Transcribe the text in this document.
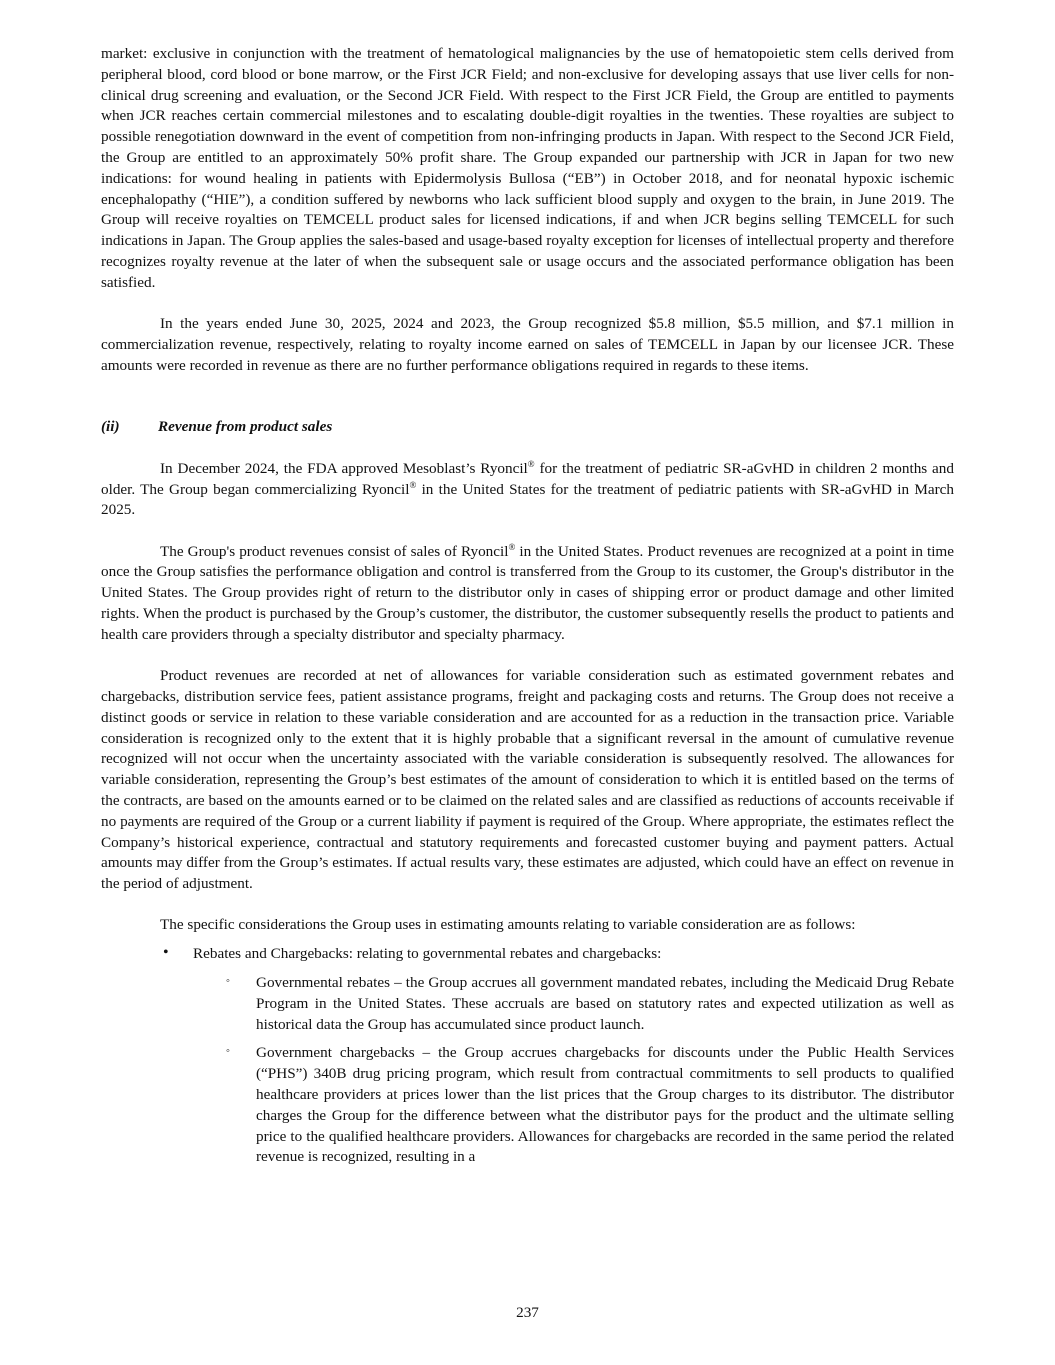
market: exclusive in conjunction with the treatment of hematological malignancies by the use of hematopoietic stem cells derived from peripheral blood, cord blood or bone marrow, or the First JCR Field; and non-exclusive for developing assays that use liver cells for non-clinical drug screening and evaluation, or the Second JCR Field. With respect to the First JCR Field, the Group are entitled to payments when JCR reaches certain commercial milestones and to escalating double-digit royalties in the twenties. These royalties are subject to possible renegotiation downward in the event of competition from non-infringing products in Japan. With respect to the Second JCR Field, the Group are entitled to an approximately 50% profit share. The Group expanded our partnership with JCR in Japan for two new indications: for wound healing in patients with Epidermolysis Bullosa (“EB”) in October 2018, and for neonatal hypoxic ischemic encephalopathy (“HIE”), a condition suffered by newborns who lack sufficient blood supply and oxygen to the brain, in June 2019. The Group will receive royalties on TEMCELL product sales for licensed indications, if and when JCR begins selling TEMCELL for such indications in Japan. The Group applies the sales-based and usage-based royalty exception for licenses of intellectual property and therefore recognizes royalty revenue at the later of when the subsequent sale or usage occurs and the associated performance obligation has been satisfied.

In the years ended June 30, 2025, 2024 and 2023, the Group recognized $5.8 million, $5.5 million, and $7.1 million in commercialization revenue, respectively, relating to royalty income earned on sales of TEMCELL in Japan by our licensee JCR. These amounts were recorded in revenue as there are no further performance obligations required in regards to these items.

(ii)	Revenue from product sales

In December 2024, the FDA approved Mesoblast’s Ryoncil® for the treatment of pediatric SR-aGvHD in children 2 months and older. The Group began commercializing Ryoncil® in the United States for the treatment of pediatric patients with SR-aGvHD in March 2025.

The Group's product revenues consist of sales of Ryoncil® in the United States. Product revenues are recognized at a point in time once the Group satisfies the performance obligation and control is transferred from the Group to its customer, the Group's distributor in the United States. The Group provides right of return to the distributor only in cases of shipping error or product damage and other limited rights. When the product is purchased by the Group’s customer, the distributor, the customer subsequently resells the product to patients and health care providers through a specialty distributor and specialty pharmacy.

Product revenues are recorded at net of allowances for variable consideration such as estimated government rebates and chargebacks, distribution service fees, patient assistance programs, freight and packaging costs and returns. The Group does not receive a distinct goods or service in relation to these variable consideration and are accounted for as a reduction in the transaction price. Variable consideration is recognized only to the extent that it is highly probable that a significant reversal in the amount of cumulative revenue recognized will not occur when the uncertainty associated with the variable consideration is subsequently resolved. The allowances for variable consideration, representing the Group’s best estimates of the amount of consideration to which it is entitled based on the terms of the contracts, are based on the amounts earned or to be claimed on the related sales and are classified as reductions of accounts receivable if no payments are required of the Group or a current liability if payment is required of the Group. Where appropriate, the estimates reflect the Company’s historical experience, contractual and statutory requirements and forecasted customer buying and payment patters. Actual amounts may differ from the Group’s estimates. If actual results vary, these estimates are adjusted, which could have an effect on revenue in the period of adjustment.

The specific considerations the Group uses in estimating amounts relating to variable consideration are as follows:

•	Rebates and Chargebacks: relating to governmental rebates and chargebacks:

◦	Governmental rebates – the Group accrues all government mandated rebates, including the Medicaid Drug Rebate Program in the United States. These accruals are based on statutory rates and expected utilization as well as historical data the Group has accumulated since product launch.

◦	Government chargebacks – the Group accrues chargebacks for discounts under the Public Health Services (“PHS”) 340B drug pricing program, which result from contractual commitments to sell products to qualified healthcare providers at prices lower than the list prices that the Group charges to its distributor. The distributor charges the Group for the difference between what the distributor pays for the product and the ultimate selling price to the qualified healthcare providers. Allowances for chargebacks are recorded in the same period the related revenue is recognized, resulting in a

237
